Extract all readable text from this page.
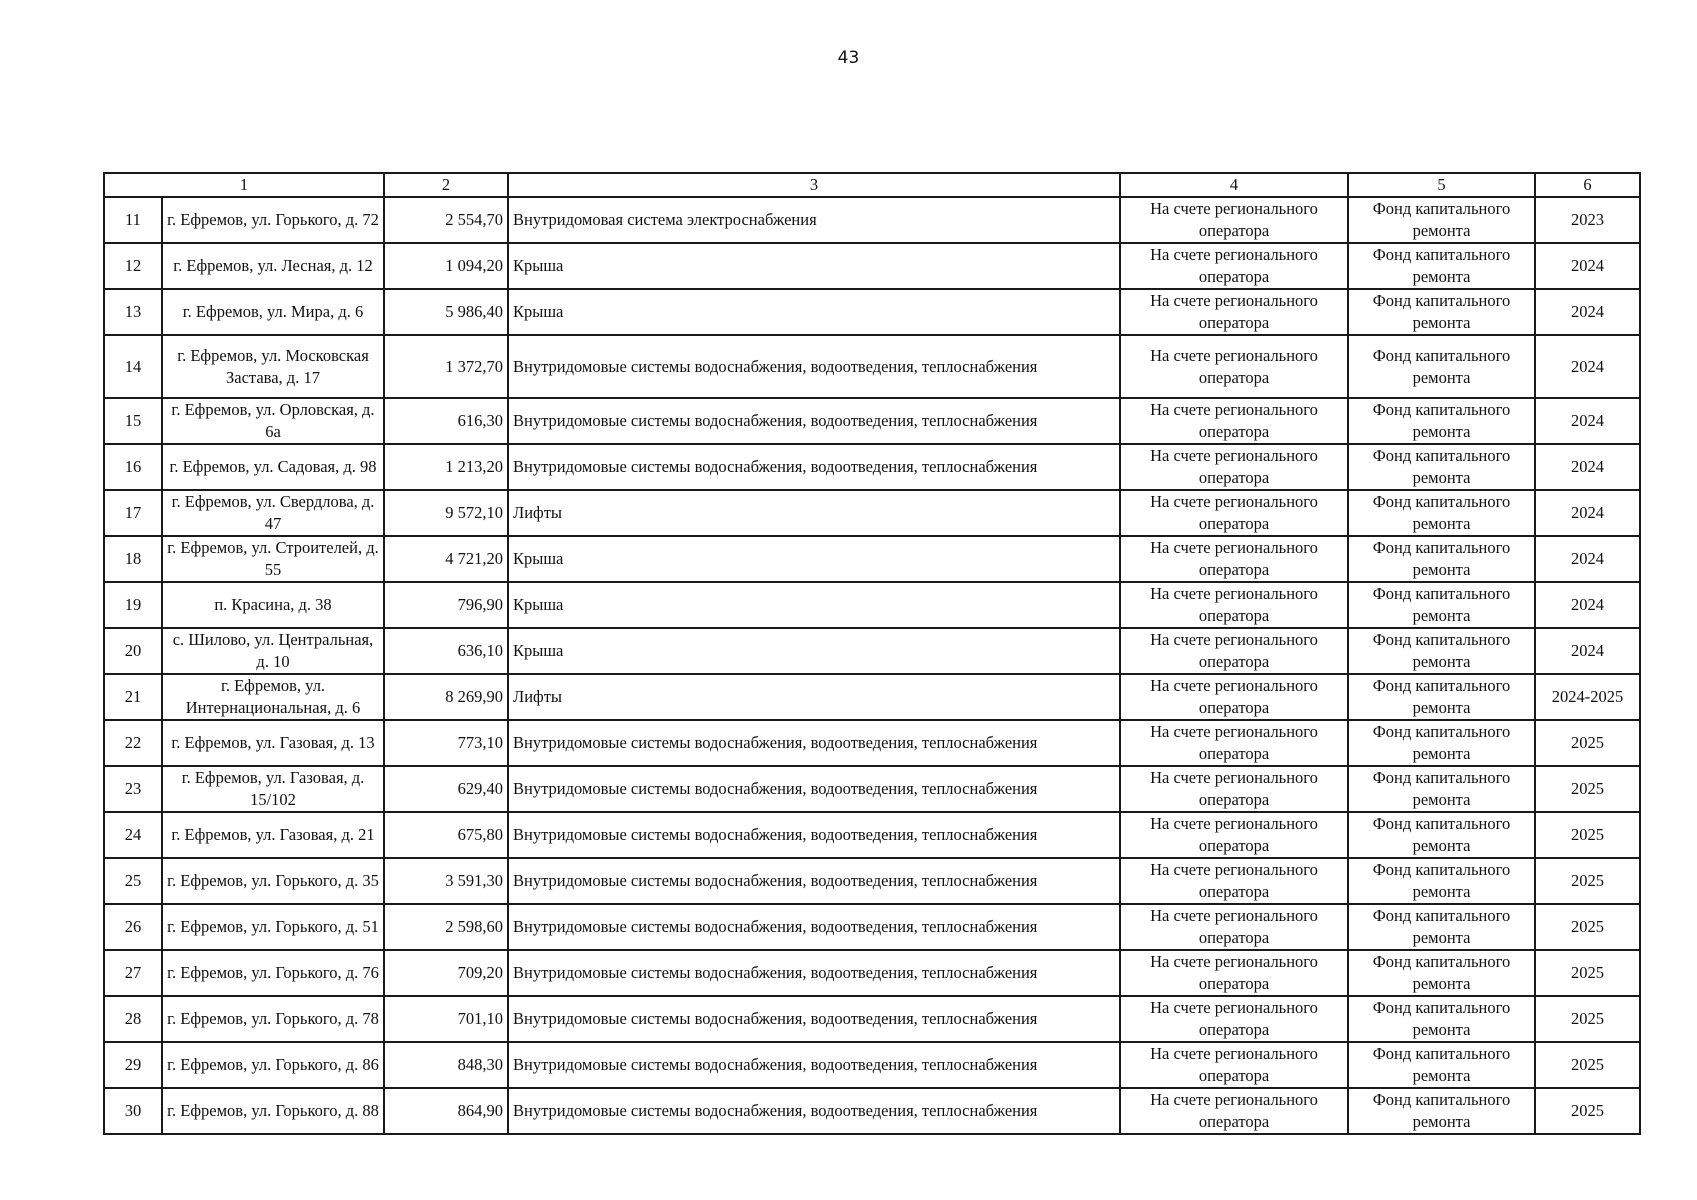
43
1		2	3	4	5	6
11	г. Ефремов, ул. Горького, д. 72	2 554,70	Внутридомовая система электроснабжения	На счете регионального оператора	Фонд капитального ремонта	2023
12	г. Ефремов, ул. Лесная, д. 12	1 094,20	Крыша	На счете регионального оператора	Фонд капитального ремонта	2024
13	г. Ефремов, ул. Мира, д. 6	5 986,40	Крыша	На счете регионального оператора	Фонд капитального ремонта	2024
14	г. Ефремов, ул. Московская Застава, д. 17	1 372,70	Внутридомовые системы водоснабжения, водоотведения, теплоснабжения	На счете регионального оператора	Фонд капитального ремонта	2024
15	г. Ефремов, ул. Орловская, д. 6а	616,30	Внутридомовые системы водоснабжения, водоотведения, теплоснабжения	На счете регионального оператора	Фонд капитального ремонта	2024
16	г. Ефремов, ул. Садовая, д. 98	1 213,20	Внутридомовые системы водоснабжения, водоотведения, теплоснабжения	На счете регионального оператора	Фонд капитального ремонта	2024
17	г. Ефремов, ул. Свердлова, д. 47	9 572,10	Лифты	На счете регионального оператора	Фонд капитального ремонта	2024
18	г. Ефремов, ул. Строителей, д. 55	4 721,20	Крыша	На счете регионального оператора	Фонд капитального ремонта	2024
19	п. Красина, д. 38	796,90	Крыша	На счете регионального оператора	Фонд капитального ремонта	2024
20	с. Шилово, ул. Центральная, д. 10	636,10	Крыша	На счете регионального оператора	Фонд капитального ремонта	2024
21	г. Ефремов, ул. Интернациональная, д. 6	8 269,90	Лифты	На счете регионального оператора	Фонд капитального ремонта	2024-2025
22	г. Ефремов, ул. Газовая, д. 13	773,10	Внутридомовые системы водоснабжения, водоотведения, теплоснабжения	На счете регионального оператора	Фонд капитального ремонта	2025
23	г. Ефремов, ул. Газовая, д. 15/102	629,40	Внутридомовые системы водоснабжения, водоотведения, теплоснабжения	На счете регионального оператора	Фонд капитального ремонта	2025
24	г. Ефремов, ул. Газовая, д. 21	675,80	Внутридомовые системы водоснабжения, водоотведения, теплоснабжения	На счете регионального оператора	Фонд капитального ремонта	2025
25	г. Ефремов, ул. Горького, д. 35	3 591,30	Внутридомовые системы водоснабжения, водоотведения, теплоснабжения	На счете регионального оператора	Фонд капитального ремонта	2025
26	г. Ефремов, ул. Горького, д. 51	2 598,60	Внутридомовые системы водоснабжения, водоотведения, теплоснабжения	На счете регионального оператора	Фонд капитального ремонта	2025
27	г. Ефремов, ул. Горького, д. 76	709,20	Внутридомовые системы водоснабжения, водоотведения, теплоснабжения	На счете регионального оператора	Фонд капитального ремонта	2025
28	г. Ефремов, ул. Горького, д. 78	701,10	Внутридомовые системы водоснабжения, водоотведения, теплоснабжения	На счете регионального оператора	Фонд капитального ремонта	2025
29	г. Ефремов, ул. Горького, д. 86	848,30	Внутридомовые системы водоснабжения, водоотведения, теплоснабжения	На счете регионального оператора	Фонд капитального ремонта	2025
30	г. Ефремов, ул. Горького, д. 88	864,90	Внутридомовые системы водоснабжения, водоотведения, теплоснабжения	На счете регионального оператора	Фонд капитального ремонта	2025
